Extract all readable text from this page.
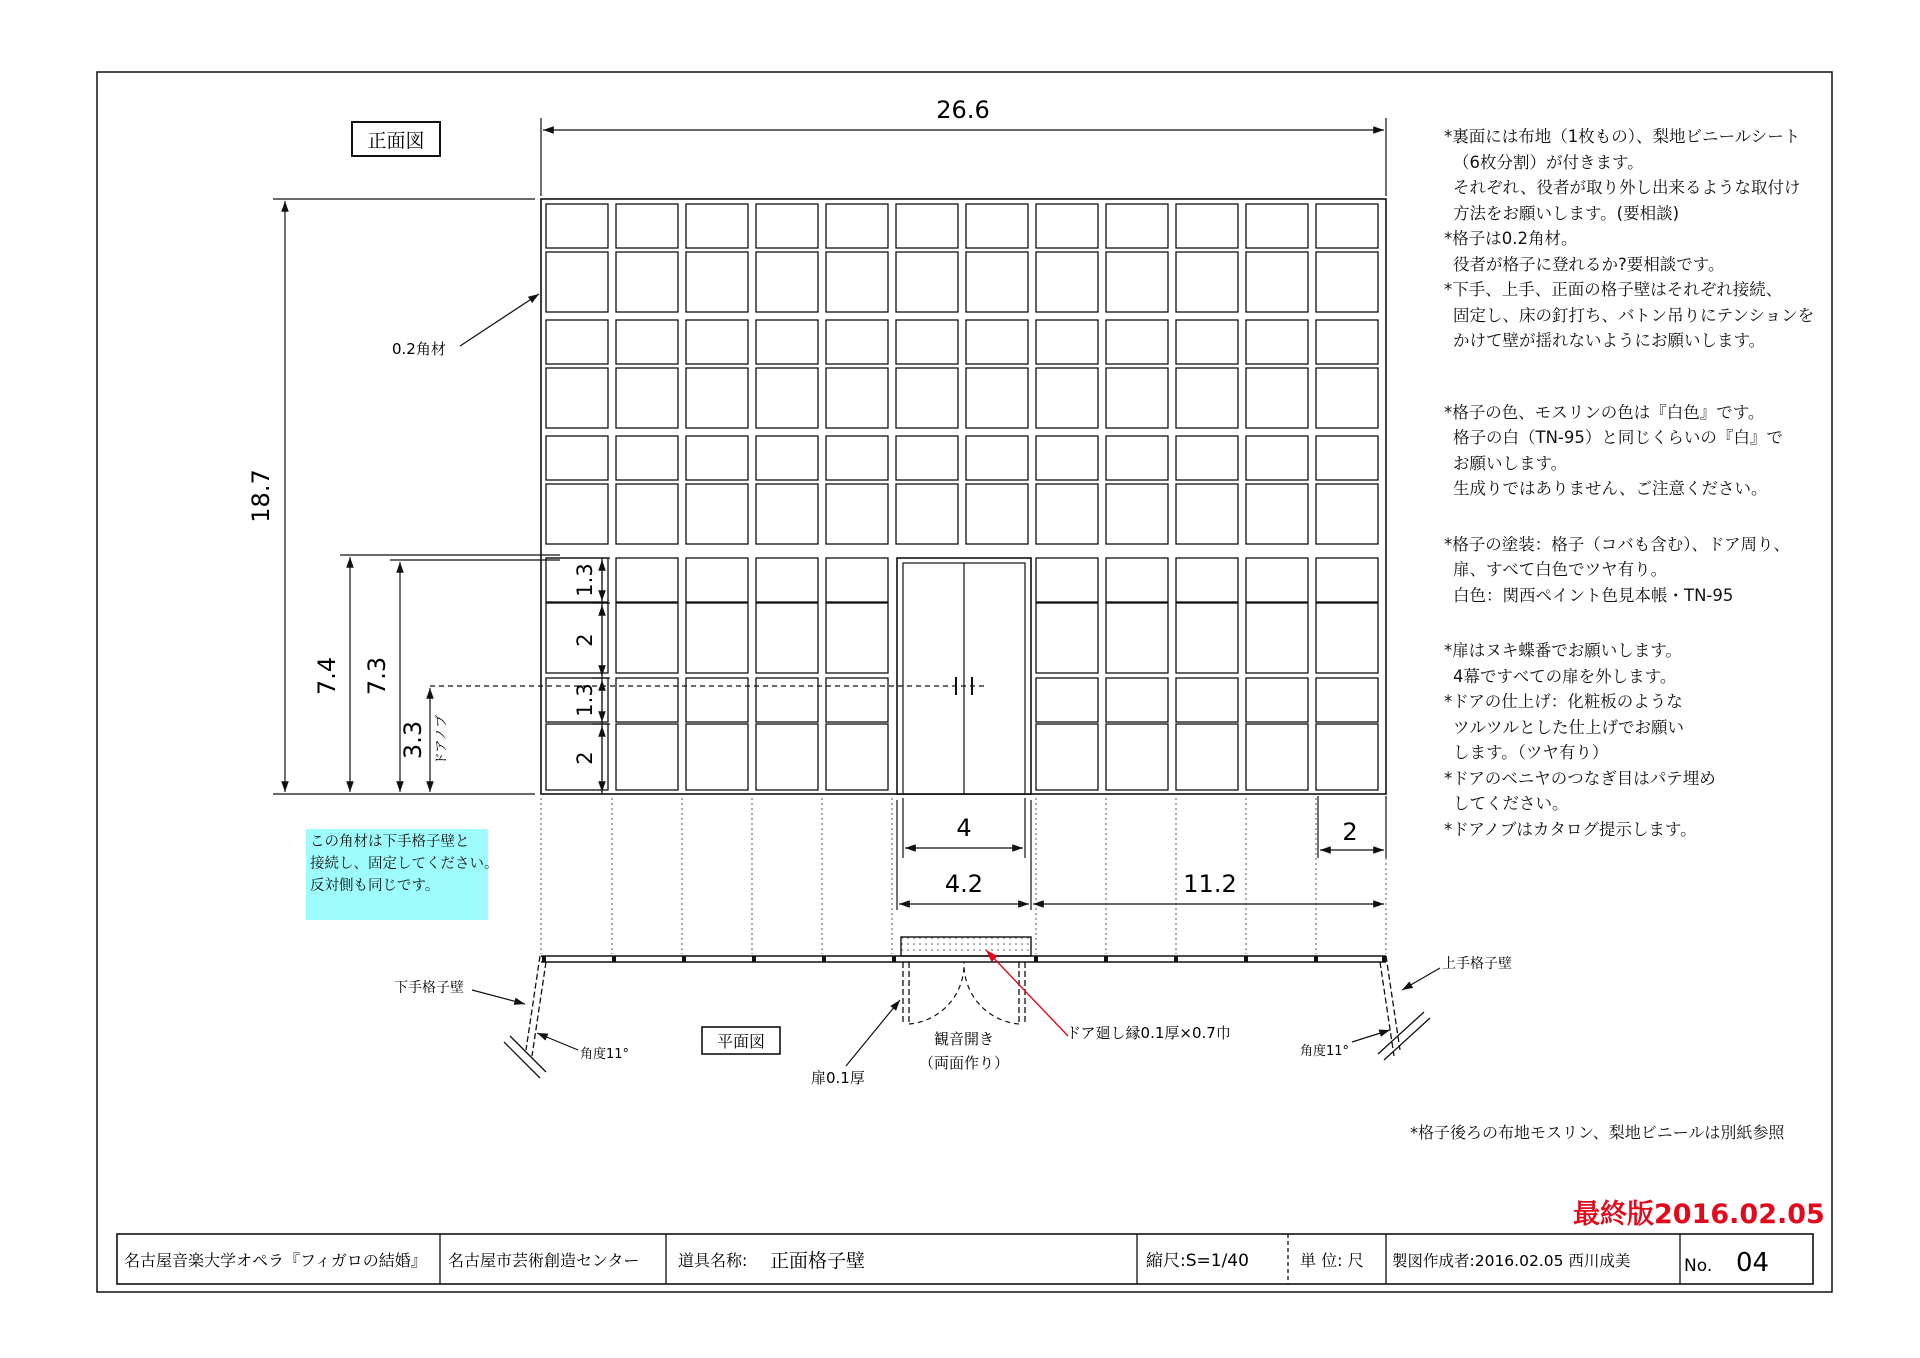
正面図
1.3
2
1.3
2
26.6
18.7
7.4 7.3
3.3 ドアノブ
0.2角材
4
4.2	11.2
2
平面図
下手格子壁
上手格子壁
角度11°	角度11°
扉0.1厚
観音開き
（両面作り）
ドア廻し縁0.1厚×0.7巾
名古屋音楽大学オペラ『フィガロの結婚』 名古屋市芸術創造センター 道具名称: 正面格子壁	縮尺:S=1/40	単 位: 尺 製図作成者:2016.02.05 西川成美	No. 04
この角材は下手格子壁と
接続し、固定してください。
反対側も同じです。
*裏面には布地（1枚もの）、梨地ビニールシート
（6枚分割）が付きます。
それぞれ、役者が取り外し出来るような取付け
方法をお願いします。(要相談)
*格子は0.2角材。
役者が格子に登れるか?要相談です。
*下手、上手、正面の格子壁はそれぞれ接続、
固定し、床の釘打ち、バトン吊りにテンションを
かけて壁が揺れないようにお願いします。
*格子の色、モスリンの色は『白色』です。
格子の白（TN-95）と同じくらいの『白』で
お願いします。
生成りではありません、ご注意ください。
*格子の塗装：格子（コバも含む）、ドア周り、
扉、すべて白色でツヤ有り。
白色：関西ペイント色見本帳・TN-95
*扉はヌキ蝶番でお願いします。
4幕ですべての扉を外します。
*ドアの仕上げ：化粧板のような
ツルツルとした仕上げでお願い
します。（ツヤ有り）
*ドアのベニヤのつなぎ目はパテ埋め
してください。
*ドアノブはカタログ提示します。
*格子後ろの布地モスリン、梨地ビニールは別紙参照
最終版2016.02.05
